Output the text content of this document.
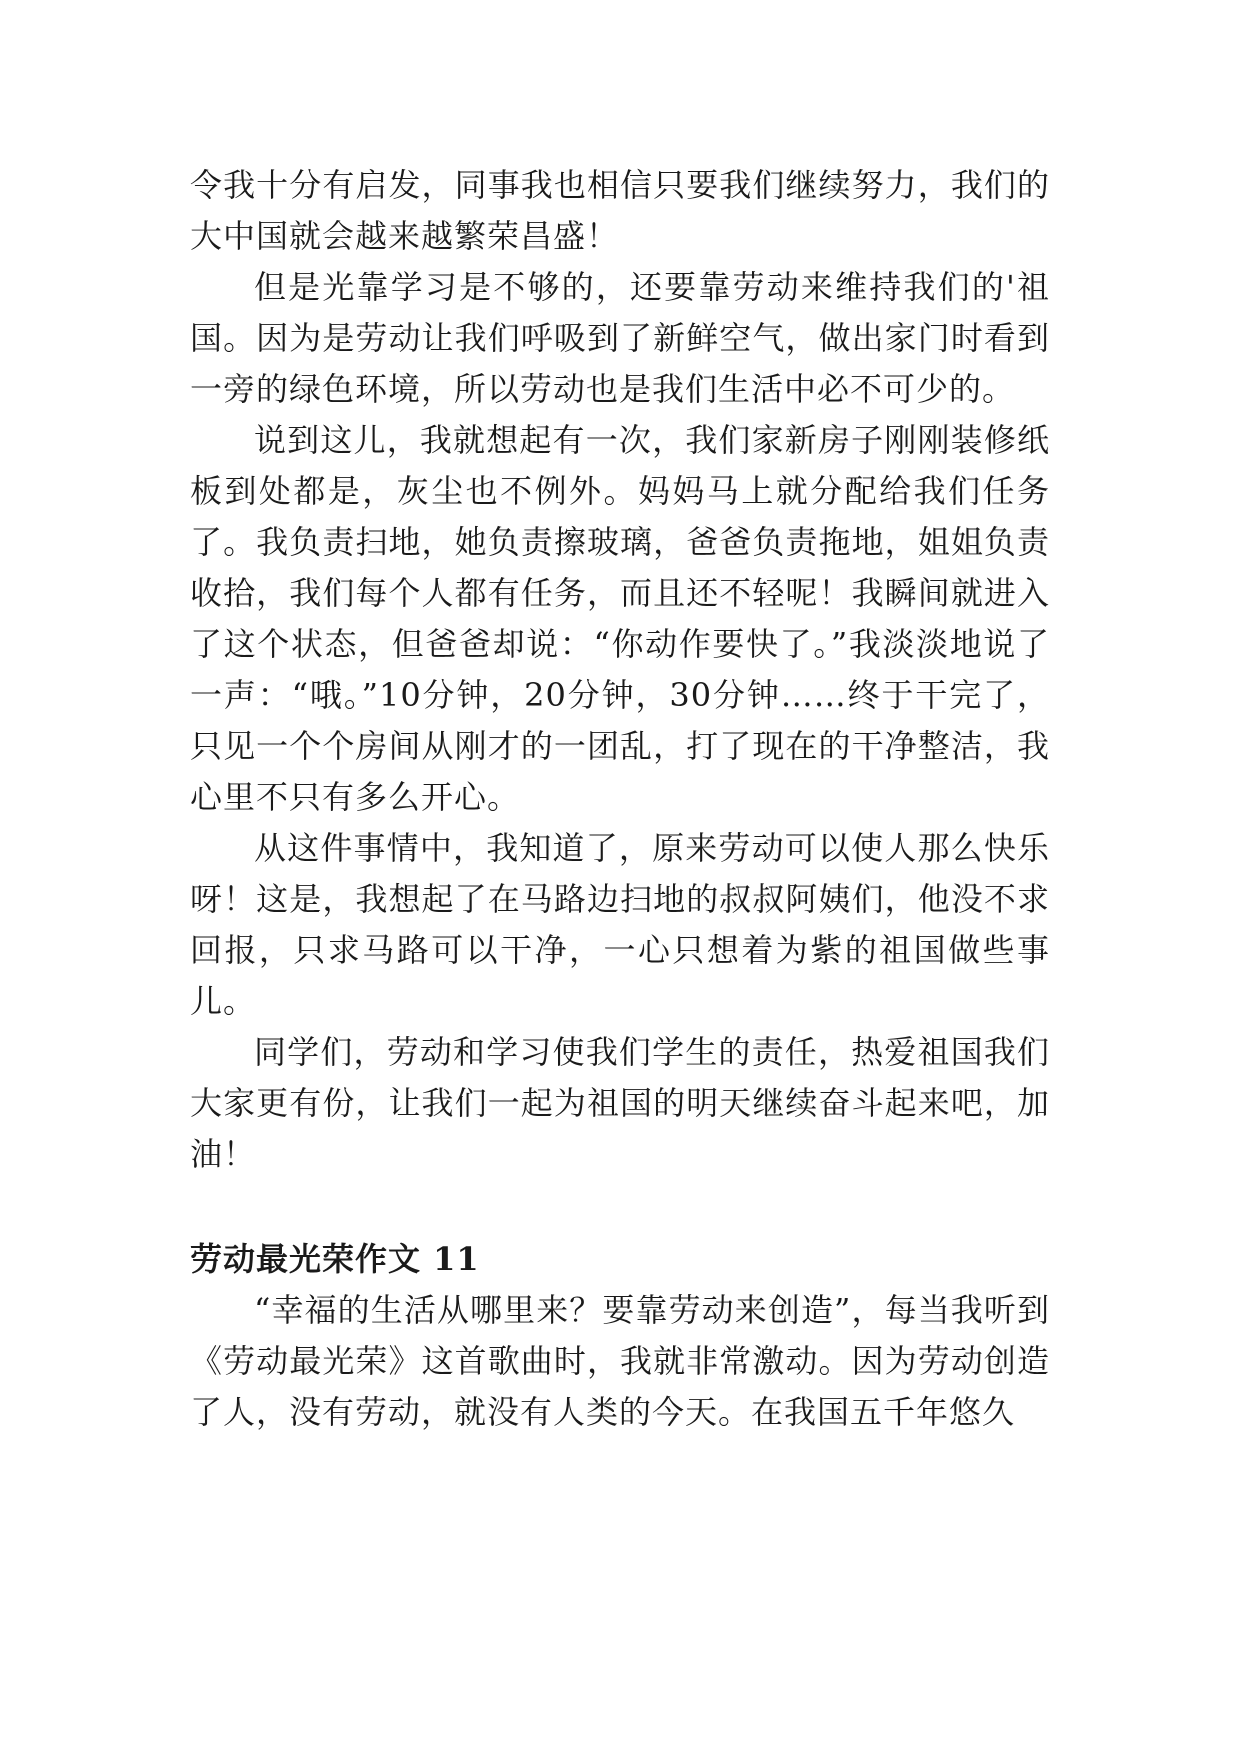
令我十分有启发，同事我也相信只要我们继续努力，我们的大中国就会越来越繁荣昌盛！

但是光靠学习是不够的，还要靠劳动来维持我们的'祖国。因为是劳动让我们呼吸到了新鲜空气，做出家门时看到一旁的绿色环境，所以劳动也是我们生活中必不可少的。

说到这儿，我就想起有一次，我们家新房子刚刚装修纸板到处都是，灰尘也不例外。妈妈马上就分配给我们任务了。我负责扫地，她负责擦玻璃，爸爸负责拖地，姐姐负责收拾，我们每个人都有任务，而且还不轻呢！我瞬间就进入了这个状态，但爸爸却说：“你动作要快了。”我淡淡地说了一声：“哦。”10分钟，20分钟，30分钟……终于干完了，只见一个个房间从刚才的一团乱，打了现在的干净整洁，我心里不只有多么开心。

从这件事情中，我知道了，原来劳动可以使人那么快乐呀！这是，我想起了在马路边扫地的叔叔阿姨们，他没不求回报，只求马路可以干净，一心只想着为紫的祖国做些事儿。

同学们，劳动和学习使我们学生的责任，热爱祖国我们大家更有份，让我们一起为祖国的明天继续奋斗起来吧，加油！

劳动最光荣作文 11

“幸福的生活从哪里来？要靠劳动来创造”，每当我听到《劳动最光荣》这首歌曲时，我就非常激动。因为劳动创造了人，没有劳动，就没有人类的今天。在我国五千年悠久
